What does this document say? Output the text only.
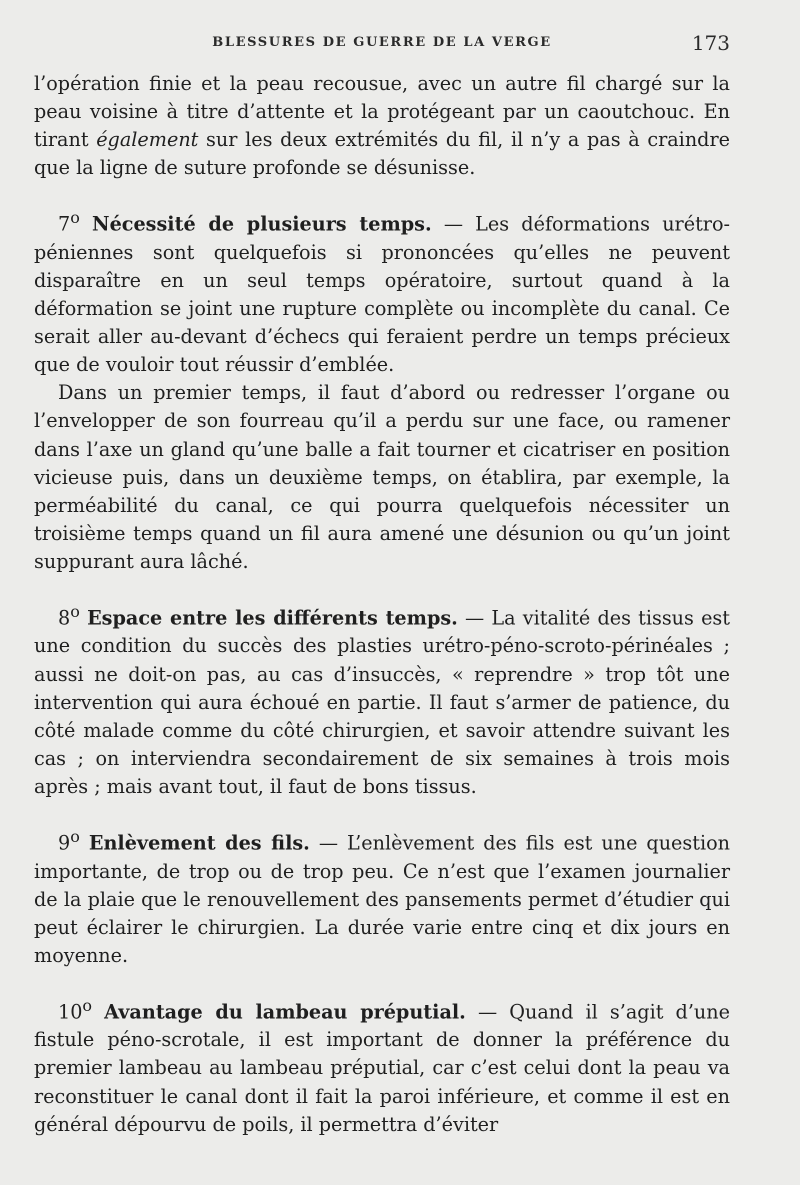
BLESSURES DE GUERRE DE LA VERGE	173

l’opération finie et la peau recousue, avec un autre fil chargé sur la peau voisine à titre d’attente et la protégeant par un caoutchouc. En tirant également sur les deux extrémités du fil, il n’y a pas à craindre que la ligne de suture profonde se désunisse.

7$^o$ Nécessité de plusieurs temps. — Les déformations urétro-péniennes sont quelquefois si prononcées qu’elles ne peuvent disparaître en un seul temps opératoire, surtout quand à la déformation se joint une rupture complète ou incomplète du canal. Ce serait aller au-devant d’échecs qui feraient perdre un temps précieux que de vouloir tout réussir d’emblée.

Dans un premier temps, il faut d’abord ou redresser l’organe ou l’envelopper de son fourreau qu’il a perdu sur une face, ou ramener dans l’axe un gland qu’une balle a fait tourner et cicatriser en position vicieuse puis, dans un deuxième temps, on établira, par exemple, la perméabilité du canal, ce qui pourra quelquefois nécessiter un troisième temps quand un fil aura amené une désunion ou qu’un joint suppurant aura lâché.

8$^o$ Espace entre les différents temps. — La vitalité des tissus est une condition du succès des plasties urétro-péno-scroto-périnéales ; aussi ne doit-on pas, au cas d’insuccès, « reprendre » trop tôt une intervention qui aura échoué en partie. Il faut s’armer de patience, du côté malade comme du côté chirurgien, et savoir attendre suivant les cas ; on interviendra secondairement de six semaines à trois mois après ; mais avant tout, il faut de bons tissus.

9$^o$ Enlèvement des fils. — L’enlèvement des fils est une question importante, de trop ou de trop peu. Ce n’est que l’examen journalier de la plaie que le renouvellement des pansements permet d’étudier qui peut éclairer le chirurgien. La durée varie entre cinq et dix jours en moyenne.

10$^o$ Avantage du lambeau préputial. — Quand il s’agit d’une fistule péno-scrotale, il est important de donner la préférence du premier lambeau au lambeau préputial, car c’est celui dont la peau va reconstituer le canal dont il fait la paroi inférieure, et comme il est en général dépourvu de poils, il permettra d’éviter
